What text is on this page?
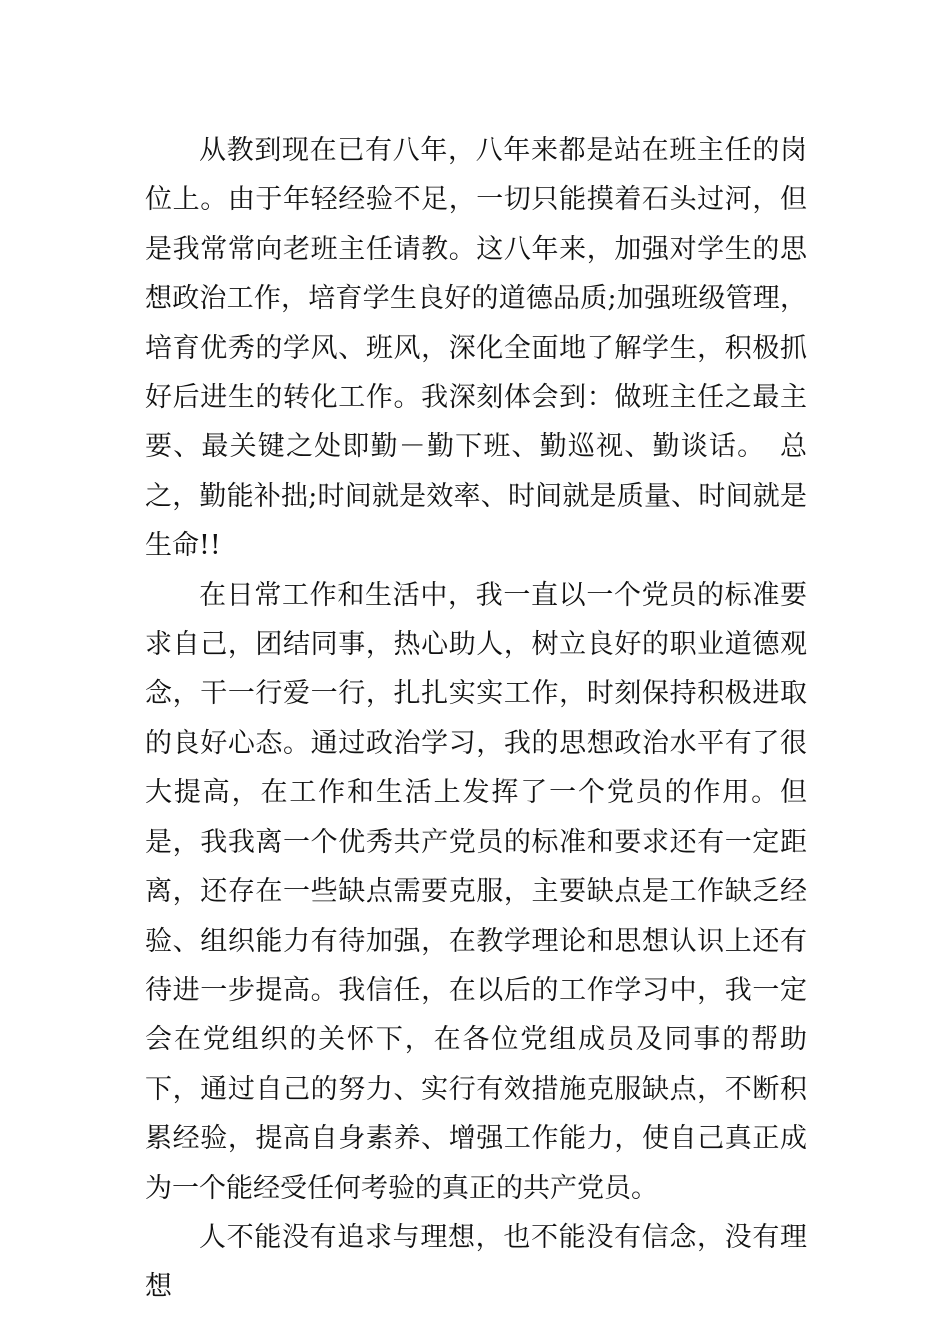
从教到现在已有八年，八年来都是站在班主任的岗位上。由于年轻经验不足，一切只能摸着石头过河，但是我常常向老班主任请教。这八年来，加强对学生的思想政治工作，培育学生良好的道德品质;加强班级管理，培育优秀的学风、班风，深化全面地了解学生，积极抓好后进生的转化工作。我深刻体会到：做班主任之最主要、最关键之处即勤－勤下班、勤巡视、勤谈话。　总之，勤能补拙;时间就是效率、时间就是质量、时间就是生命!!

在日常工作和生活中，我一直以一个党员的标准要求自己，团结同事，热心助人，树立良好的职业道德观念，干一行爱一行，扎扎实实工作，时刻保持积极进取的良好心态。通过政治学习，我的思想政治水平有了很大提高，在工作和生活上发挥了一个党员的作用。但是，我我离一个优秀共产党员的标准和要求还有一定距离，还存在一些缺点需要克服，主要缺点是工作缺乏经验、组织能力有待加强，在教学理论和思想认识上还有待进一步提高。我信任，在以后的工作学习中，我一定会在党组织的关怀下，在各位党组成员及同事的帮助下，通过自己的努力、实行有效措施克服缺点，不断积累经验，提高自身素养、增强工作能力，使自己真正成为一个能经受任何考验的真正的共产党员。

人不能没有追求与理想，也不能没有信念，没有理想
